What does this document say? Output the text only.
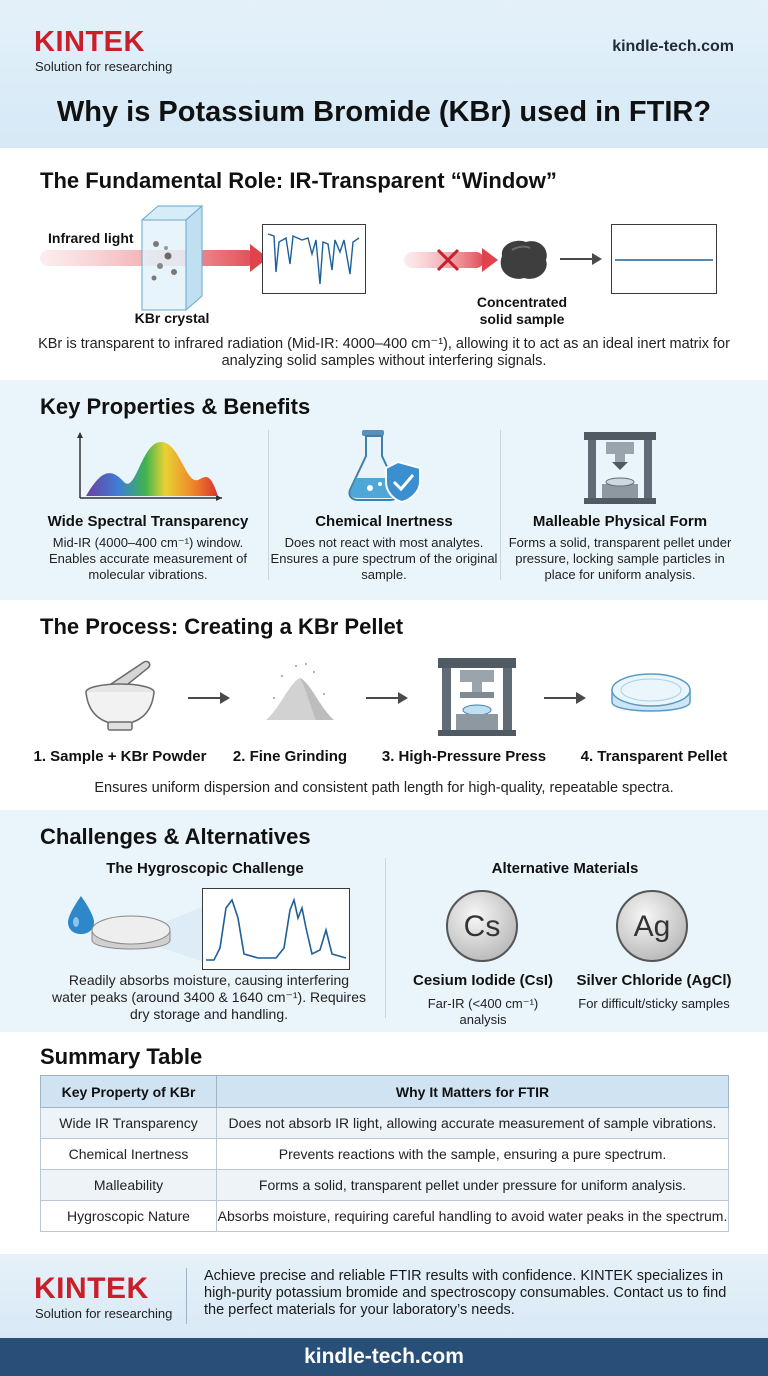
KINTEK
Solution for researching
kindle-tech.com
Why is Potassium Bromide (KBr) used in FTIR?
The Fundamental Role: IR-Transparent “Window”
Infrared light
KBr crystal
Concentrated solid sample
KBr is transparent to infrared radiation (Mid-IR: 4000–400 cm⁻¹), allowing it to act as an ideal inert matrix for analyzing solid samples without interfering signals.
Key Properties & Benefits
Wide Spectral Transparency
Mid-IR (4000–400 cm⁻¹) window. Enables accurate measurement of molecular vibrations.
Chemical Inertness
Does not react with most analytes. Ensures a pure spectrum of the original sample.
Malleable Physical Form
Forms a solid, transparent pellet under pressure, locking sample particles in place for uniform analysis.
The Process: Creating a KBr Pellet
1. Sample + KBr Powder 2. Fine Grinding	3. High-Pressure Press	4. Transparent Pellet
Ensures uniform dispersion and consistent path length for high-quality, repeatable spectra.
Challenges & Alternatives
The Hygroscopic Challenge
Readily absorbs moisture, causing interfering water peaks (around 3400 & 1640 cm⁻¹). Requires dry storage and handling.
Alternative Materials
Cs	Ag
Cesium Iodide (CsI)
Far-IR (<400 cm⁻¹) analysis
Silver Chloride (AgCl)
For difficult/sticky samples
Summary Table
Key Property of KBr	Why It Matters for FTIR
Wide IR Transparency	Does not absorb IR light, allowing accurate measurement of sample vibrations.
Chemical Inertness	Prevents reactions with the sample, ensuring a pure spectrum.
Malleability	Forms a solid, transparent pellet under pressure for uniform analysis.
Hygroscopic Nature	Absorbs moisture, requiring careful handling to avoid water peaks in the spectrum.
KINTEK
Solution for researching
Achieve precise and reliable FTIR results with confidence. KINTEK specializes in high-purity potassium bromide and spectroscopy consumables. Contact us to find the perfect materials for your laboratory’s needs.
kindle-tech.com
